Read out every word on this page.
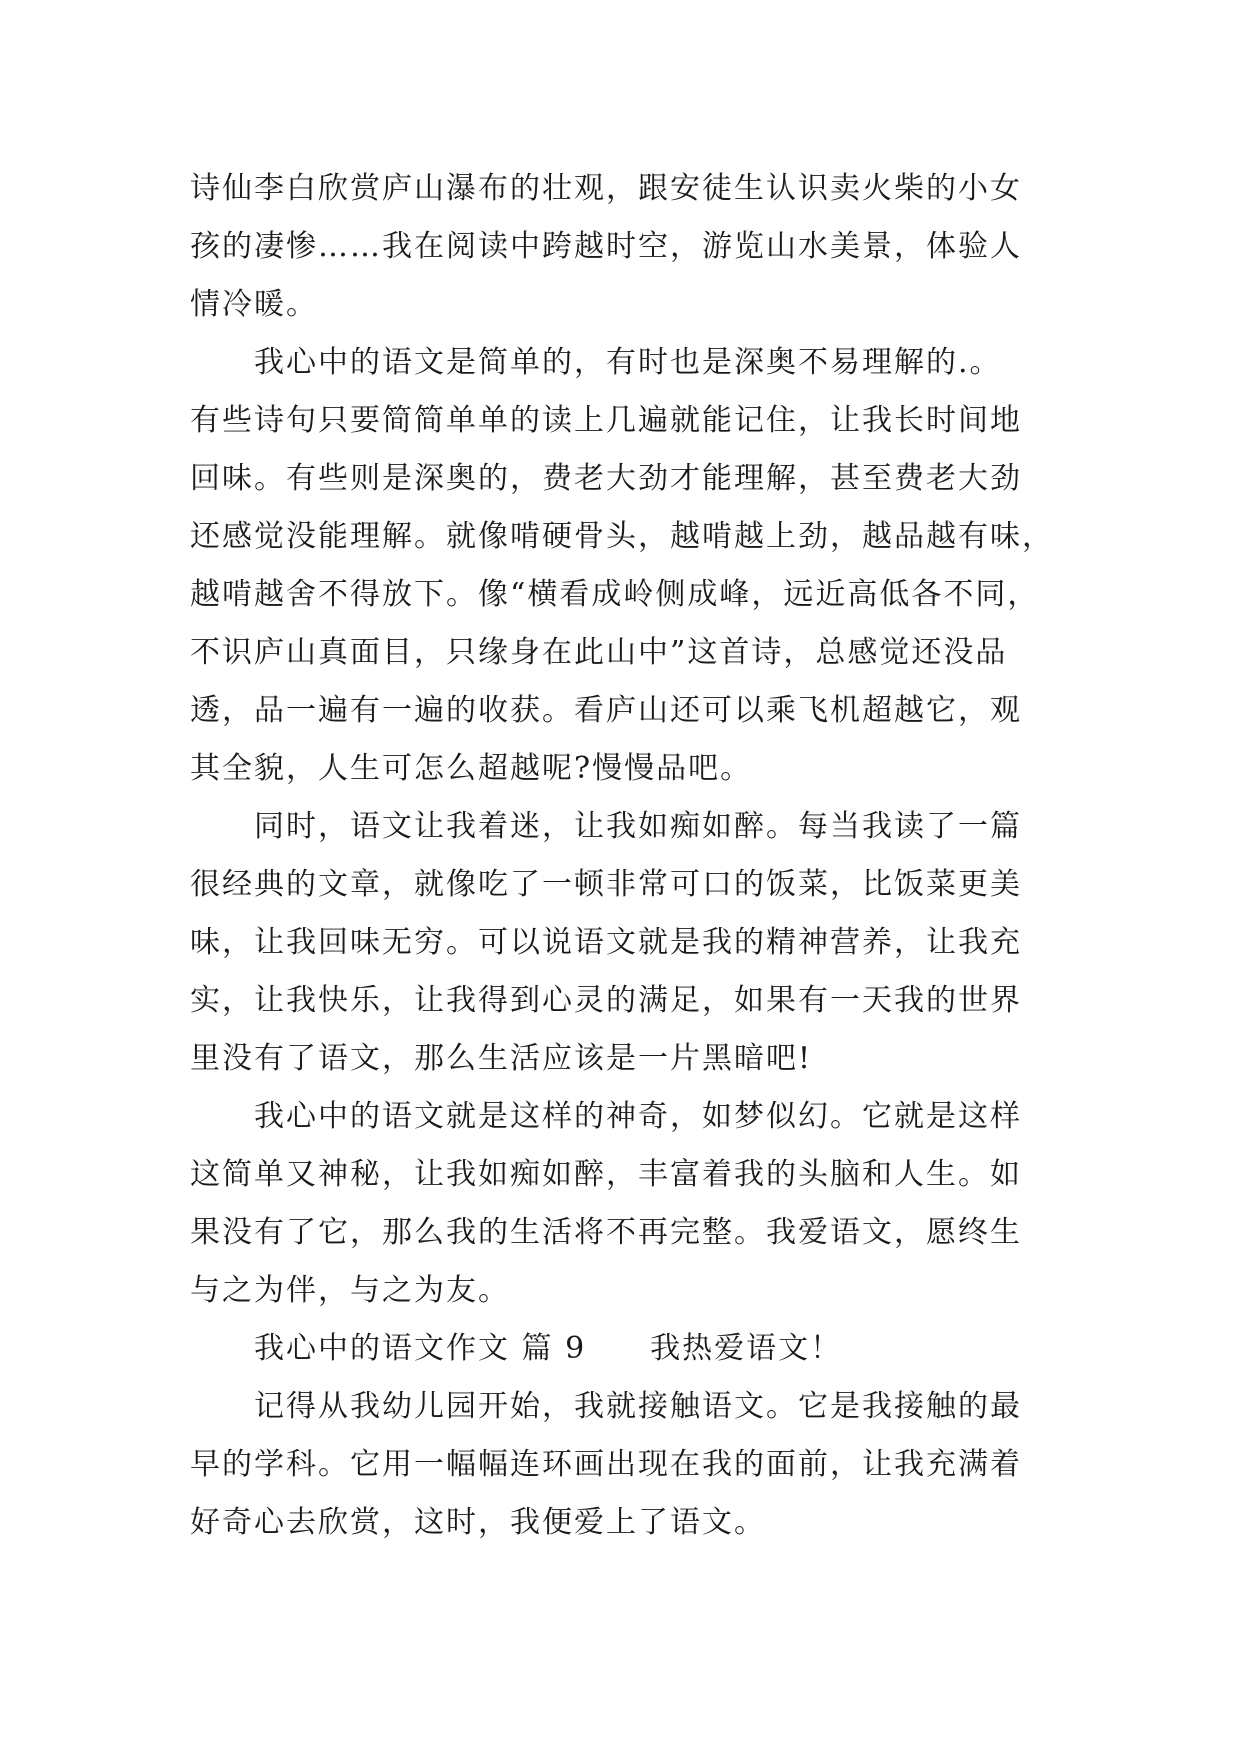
诗仙李白欣赏庐山瀑布的壮观，跟安徒生认识卖火柴的小女
孩的凄惨……我在阅读中跨越时空，游览山水美景，体验人
情冷暖。
我心中的语文是简单的，有时也是深奥不易理解的.。
有些诗句只要简简单单的读上几遍就能记住，让我长时间地
回味。有些则是深奥的，费老大劲才能理解，甚至费老大劲
还感觉没能理解。就像啃硬骨头，越啃越上劲，越品越有味，
越啃越舍不得放下。像“横看成岭侧成峰，远近高低各不同，
不识庐山真面目，只缘身在此山中”这首诗，总感觉还没品
透，品一遍有一遍的收获。看庐山还可以乘飞机超越它，观
其全貌，人生可怎么超越呢?慢慢品吧。
同时，语文让我着迷，让我如痴如醉。每当我读了一篇
很经典的文章，就像吃了一顿非常可口的饭菜，比饭菜更美
味，让我回味无穷。可以说语文就是我的精神营养，让我充
实，让我快乐，让我得到心灵的满足，如果有一天我的世界
里没有了语文，那么生活应该是一片黑暗吧!
我心中的语文就是这样的神奇，如梦似幻。它就是这样
这简单又神秘，让我如痴如醉，丰富着我的头脑和人生。如
果没有了它，那么我的生活将不再完整。我爱语文，愿终生
与之为伴，与之为友。
我心中的语文作文 篇 9　　我热爱语文！
记得从我幼儿园开始，我就接触语文。它是我接触的最
早的学科。它用一幅幅连环画出现在我的面前，让我充满着
好奇心去欣赏，这时，我便爱上了语文。
